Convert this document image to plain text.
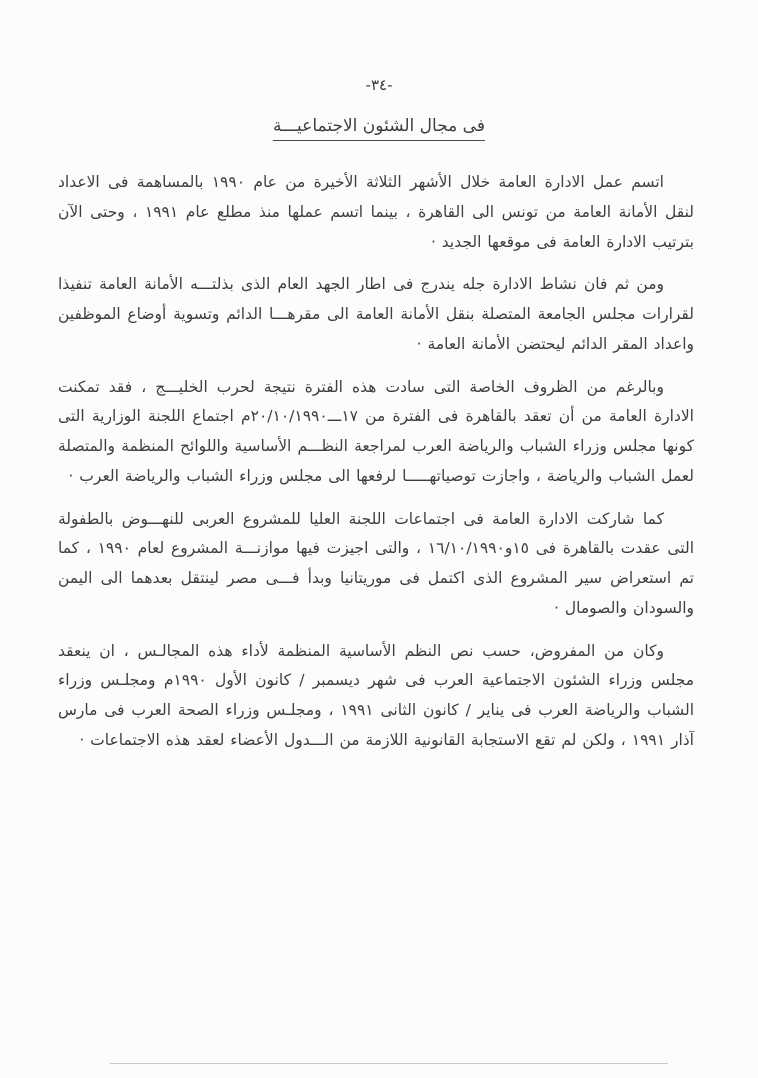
-٣٤-
فى مجال الشئون الاجتماعيـــة

اتسم عمل الادارة العامة خلال الأشهر الثلاثة الأخيرة من عام ١٩٩٠ بالمساهمة فى الاعداد لنقل الأمانة العامة من تونس الى القاهرة ، بينما اتسم عملها منذ مطلع عام ١٩٩١ ، وحتى الآن بترتيب الادارة العامة فى موقعها الجديد ·

ومن ثم فان نشاط الادارة جله يندرج فى اطار الجهد العام الذى بذلتـــه الأمانة العامة تنفيذا لقرارات مجلس الجامعة المتصلة بنقل الأمانة العامة الى مقرهـــا الدائم وتسوية أوضاع الموظفين واعداد المقر الدائم ليحتضن الأمانة العامة ·

وبالرغم من الظروف الخاصة التى سادت هذه الفترة نتيجة لحرب الخليـــج ، فقد تمكنت الادارة العامة من أن تعقد بالقاهرة فى الفترة من ١٧ـــ٢٠/١٠/١٩٩٠م اجتماع اللجنة الوزارية التى كونها مجلس وزراء الشباب والرياضة العرب لمراجعة النظـــم الأساسية واللوائح المنظمة والمتصلة لعمل الشباب والرياضة ، واجازت توصياتهـــــا لرفعها الى مجلس وزراء الشباب والرياضة العرب ·

كما شاركت الادارة العامة فى اجتماعات اللجنة العليا للمشروع العربى للنهـــوض بالطفولة التى عقدت بالقاهرة فى ١٥و١٦/١٠/١٩٩٠ ، والتى اجيزت فيها موازنـــة المشروع لعام ١٩٩٠ ، كما تم استعراض سير المشروع الذى اكتمل فى موريتانيا وبدأ فـــى مصر لينتقل بعدهما الى اليمن والسودان والصومال ·

وكان من المفروض، حسب نص النظم الأساسية المنظمة لأداء هذه المجالـس ، ان ينعقد مجلس وزراء الشئون الاجتماعية العرب فى شهر ديسمبر / كانون الأول ١٩٩٠م ومجلـس وزراء الشباب والرياضة العرب فى يناير / كانون الثانى ١٩٩١ ، ومجلـس وزراء الصحة العرب فى مارس آذار ١٩٩١ ، ولكن لم تقع الاستجابة القانونية اللازمة من الـــدول الأعضاء لعقد هذه الاجتماعات ·
